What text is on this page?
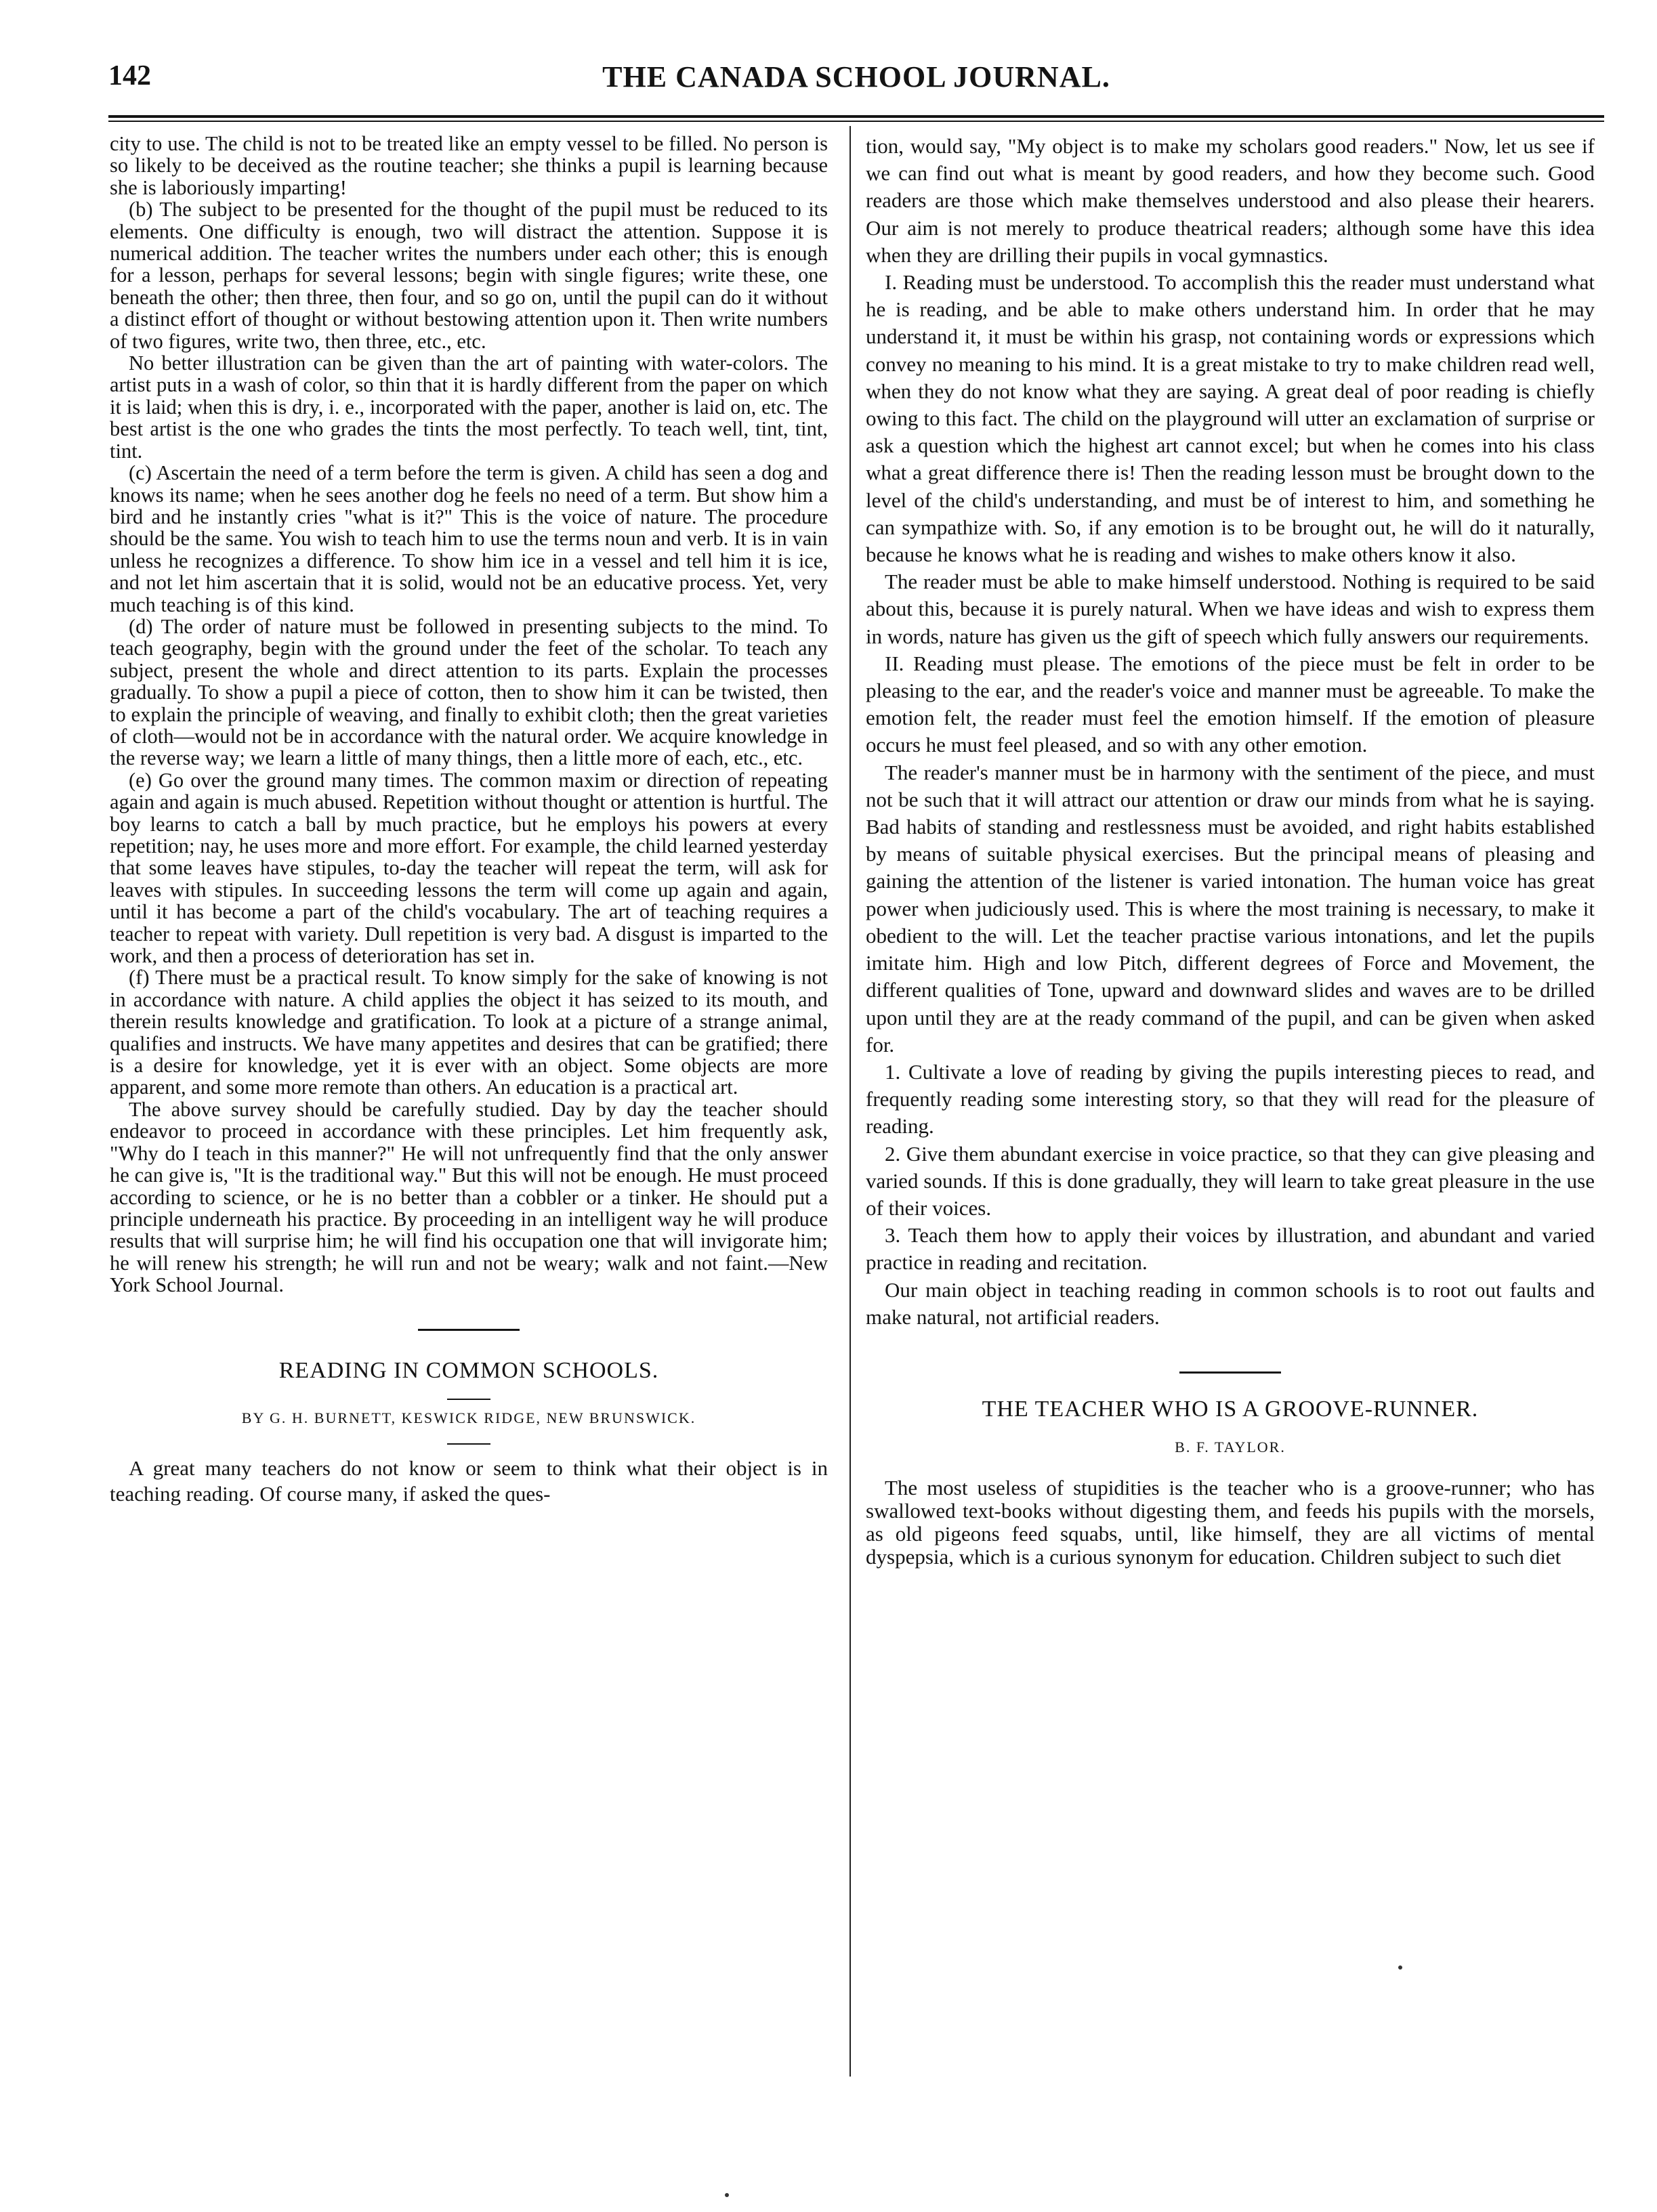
142	THE CANADA SCHOOL JOURNAL.

city to use. The child is not to be treated like an empty vessel to be filled. No person is so likely to be deceived as the routine teacher; she thinks a pupil is learning because she is laboriously imparting!

(b) The subject to be presented for the thought of the pupil must be reduced to its elements. One difficulty is enough, two will distract the attention. Suppose it is numerical addition. The teacher writes the numbers under each other; this is enough for a lesson, perhaps for several lessons; begin with single figures; write these, one beneath the other; then three, then four, and so go on, until the pupil can do it without a distinct effort of thought or without bestowing attention upon it. Then write numbers of two figures, write two, then three, etc., etc.

No better illustration can be given than the art of painting with water-colors. The artist puts in a wash of color, so thin that it is hardly different from the paper on which it is laid; when this is dry, i. e., incorporated with the paper, another is laid on, etc. The best artist is the one who grades the tints the most perfectly. To teach well, tint, tint, tint.

(c) Ascertain the need of a term before the term is given. A child has seen a dog and knows its name; when he sees another dog he feels no need of a term. But show him a bird and he instantly cries "what is it?" This is the voice of nature. The procedure should be the same. You wish to teach him to use the terms noun and verb. It is in vain unless he recognizes a difference. To show him ice in a vessel and tell him it is ice, and not let him ascertain that it is solid, would not be an educative process. Yet, very much teaching is of this kind.

(d) The order of nature must be followed in presenting subjects to the mind. To teach geography, begin with the ground under the feet of the scholar. To teach any subject, present the whole and direct attention to its parts. Explain the processes gradually. To show a pupil a piece of cotton, then to show him it can be twisted, then to explain the principle of weaving, and finally to exhibit cloth; then the great varieties of cloth—would not be in accordance with the natural order. We acquire knowledge in the reverse way; we learn a little of many things, then a little more of each, etc., etc.

(e) Go over the ground many times. The common maxim or direction of repeating again and again is much abused. Repetition without thought or attention is hurtful. The boy learns to catch a ball by much practice, but he employs his powers at every repetition; nay, he uses more and more effort. For example, the child learned yesterday that some leaves have stipules, to-day the teacher will repeat the term, will ask for leaves with stipules. In succeeding lessons the term will come up again and again, until it has become a part of the child's vocabulary. The art of teaching requires a teacher to repeat with variety. Dull repetition is very bad. A disgust is imparted to the work, and then a process of deterioration has set in.

(f) There must be a practical result. To know simply for the sake of knowing is not in accordance with nature. A child applies the object it has seized to its mouth, and therein results knowledge and gratification. To look at a picture of a strange animal, qualifies and instructs. We have many appetites and desires that can be gratified; there is a desire for knowledge, yet it is ever with an object. Some objects are more apparent, and some more remote than others. An education is a practical art.

The above survey should be carefully studied. Day by day the teacher should endeavor to proceed in accordance with these principles. Let him frequently ask, "Why do I teach in this manner?" He will not unfrequently find that the only answer he can give is, "It is the traditional way." But this will not be enough. He must proceed according to science, or he is no better than a cobbler or a tinker. He should put a principle underneath his practice. By proceeding in an intelligent way he will produce results that will surprise him; he will find his occupation one that will invigorate him; he will renew his strength; he will run and not be weary; walk and not faint.—New York School Journal.

READING IN COMMON SCHOOLS.
BY G. H. BURNETT, KESWICK RIDGE, NEW BRUNSWICK.

A great many teachers do not know or seem to think what their object is in teaching reading. Of course many, if asked the ques-

tion, would say, "My object is to make my scholars good readers." Now, let us see if we can find out what is meant by good readers, and how they become such. Good readers are those which make themselves understood and also please their hearers. Our aim is not merely to produce theatrical readers; although some have this idea when they are drilling their pupils in vocal gymnastics.

I. Reading must be understood. To accomplish this the reader must understand what he is reading, and be able to make others understand him. In order that he may understand it, it must be within his grasp, not containing words or expressions which convey no meaning to his mind. It is a great mistake to try to make children read well, when they do not know what they are saying. A great deal of poor reading is chiefly owing to this fact. The child on the playground will utter an exclamation of surprise or ask a question which the highest art cannot excel; but when he comes into his class what a great difference there is! Then the reading lesson must be brought down to the level of the child's understanding, and must be of interest to him, and something he can sympathize with. So, if any emotion is to be brought out, he will do it naturally, because he knows what he is reading and wishes to make others know it also.

The reader must be able to make himself understood. Nothing is required to be said about this, because it is purely natural. When we have ideas and wish to express them in words, nature has given us the gift of speech which fully answers our requirements.

II. Reading must please. The emotions of the piece must be felt in order to be pleasing to the ear, and the reader's voice and manner must be agreeable. To make the emotion felt, the reader must feel the emotion himself. If the emotion of pleasure occurs he must feel pleased, and so with any other emotion.

The reader's manner must be in harmony with the sentiment of the piece, and must not be such that it will attract our attention or draw our minds from what he is saying. Bad habits of standing and restlessness must be avoided, and right habits established by means of suitable physical exercises. But the principal means of pleasing and gaining the attention of the listener is varied intonation. The human voice has great power when judiciously used. This is where the most training is necessary, to make it obedient to the will. Let the teacher practise various intonations, and let the pupils imitate him. High and low Pitch, different degrees of Force and Movement, the different qualities of Tone, upward and downward slides and waves are to be drilled upon until they are at the ready command of the pupil, and can be given when asked for.

1. Cultivate a love of reading by giving the pupils interesting pieces to read, and frequently reading some interesting story, so that they will read for the pleasure of reading.

2. Give them abundant exercise in voice practice, so that they can give pleasing and varied sounds. If this is done gradually, they will learn to take great pleasure in the use of their voices.

3. Teach them how to apply their voices by illustration, and abundant and varied practice in reading and recitation.

Our main object in teaching reading in common schools is to root out faults and make natural, not artificial readers.

THE TEACHER WHO IS A GROOVE-RUNNER.
B. F. TAYLOR.

The most useless of stupidities is the teacher who is a groove-runner; who has swallowed text-books without digesting them, and feeds his pupils with the morsels, as old pigeons feed squabs, until, like himself, they are all victims of mental dyspepsia, which is a curious synonym for education. Children subject to such diet
